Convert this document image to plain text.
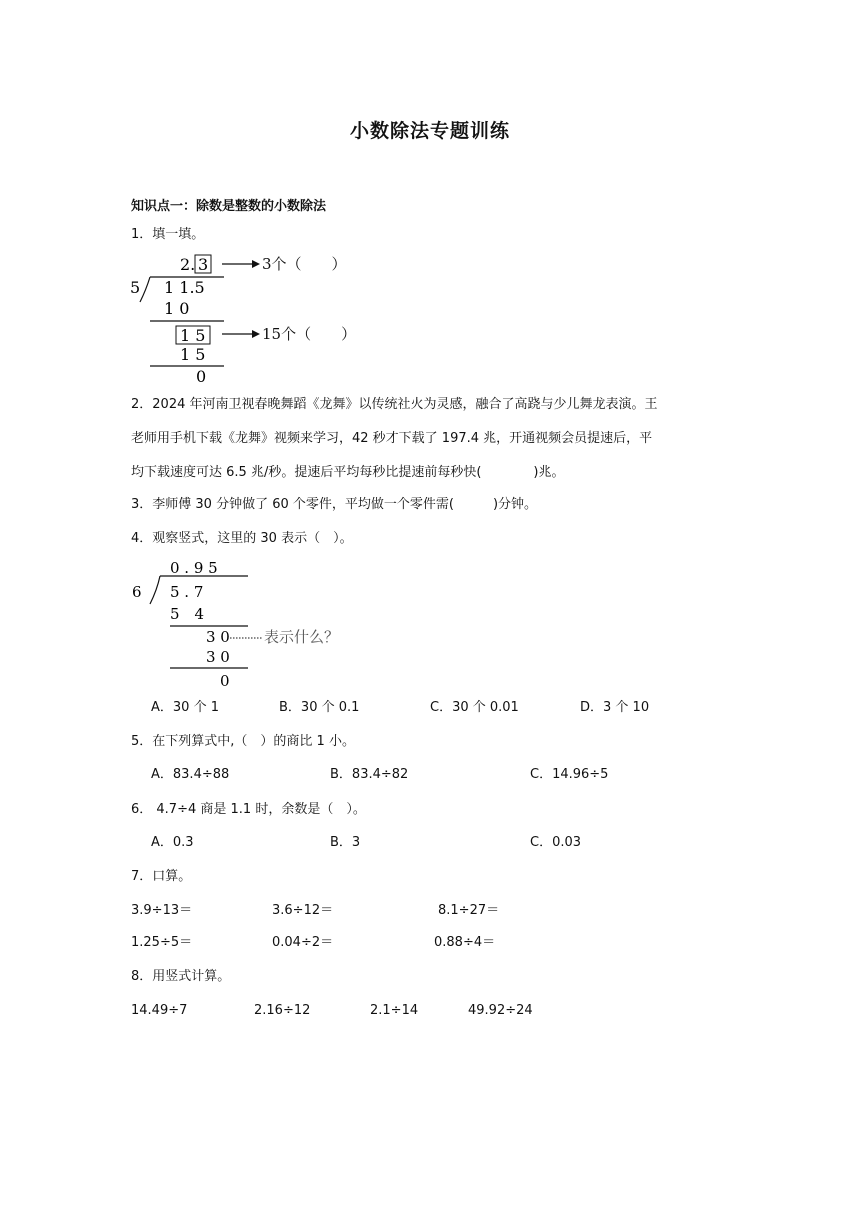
小数除法专题训练
知识点一：除数是整数的小数除法
1．填一填。
2. 3
5 1 1.5
1 0
1 5
1 5
0
3个（　　）
15个（　　）
2．2024 年河南卫视春晚舞蹈《龙舞》以传统社火为灵感，融合了高跷与少儿舞龙表演。王
老师用手机下载《龙舞》视频来学习，42 秒才下载了 197.4 兆，开通视频会员提速后，平
均下载速度可达 6.5 兆/秒。提速后平均每秒比提速前每秒快(　　　　)兆。
3．李师傅 30 分钟做了 60 个零件，平均做一个零件需(　　　)分钟。
4．观察竖式，这里的 30 表示（　）。
0 . 9 5
6 5 . 7
5　4
3 0
3 0
0
表示什么？
A．30 个 1	B．30 个 0.1	C．30 个 0.01	D．3 个 10
5．在下列算式中,（　）的商比 1 小。
A．83.4÷88	B．83.4÷82	C．14.96÷5
6． 4.7÷4 商是 1.1 时，余数是（　）。
A．0.3	B．3	C．0.03
7．口算。
3.9÷13＝	3.6÷12＝	8.1÷27＝
1.25÷5＝	0.04÷2＝	0.88÷4＝
8．用竖式计算。
14.49÷7	2.16÷12	2.1÷14	49.92÷24
